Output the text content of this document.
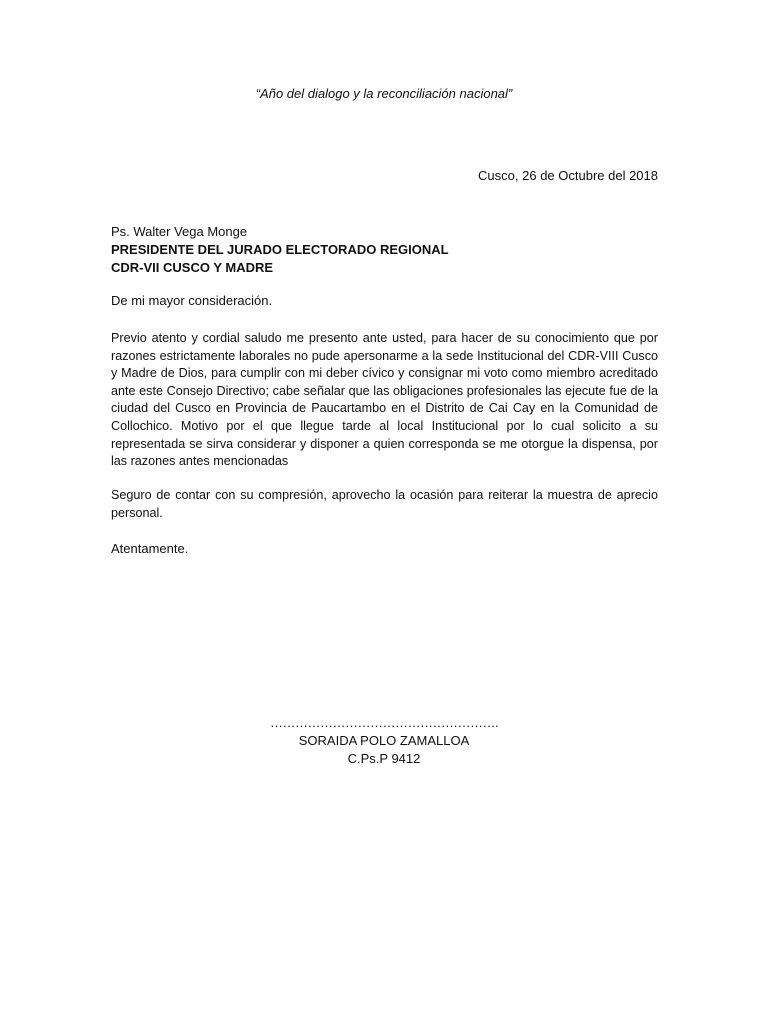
“Año del dialogo y la reconciliación nacional”
Cusco, 26 de Octubre del 2018
Ps. Walter Vega Monge
PRESIDENTE DEL JURADO ELECTORADO REGIONAL
CDR-VII CUSCO Y MADRE
De mi mayor consideración.

Previo atento y cordial saludo me presento ante usted, para hacer de su conocimiento que por razones estrictamente laborales no pude apersonarme a la sede Institucional del CDR-VIII Cusco y Madre de Dios, para cumplir con mi deber cívico y consignar mi voto como miembro acreditado ante este Consejo Directivo; cabe señalar que las obligaciones profesionales las ejecute fue de la ciudad del Cusco en Provincia de Paucartambo en el Distrito de Cai Cay en la Comunidad de Collochico. Motivo por el que llegue tarde al local Institucional por lo cual solicito a su representada se sirva considerar y disponer a quien corresponda se me otorgue la dispensa, por las razones antes mencionadas

Seguro de contar con su compresión, aprovecho la ocasión para reiterar la muestra de aprecio personal.

Atentamente.
……………………………………………….
SORAIDA POLO ZAMALLOA
C.Ps.P 9412
